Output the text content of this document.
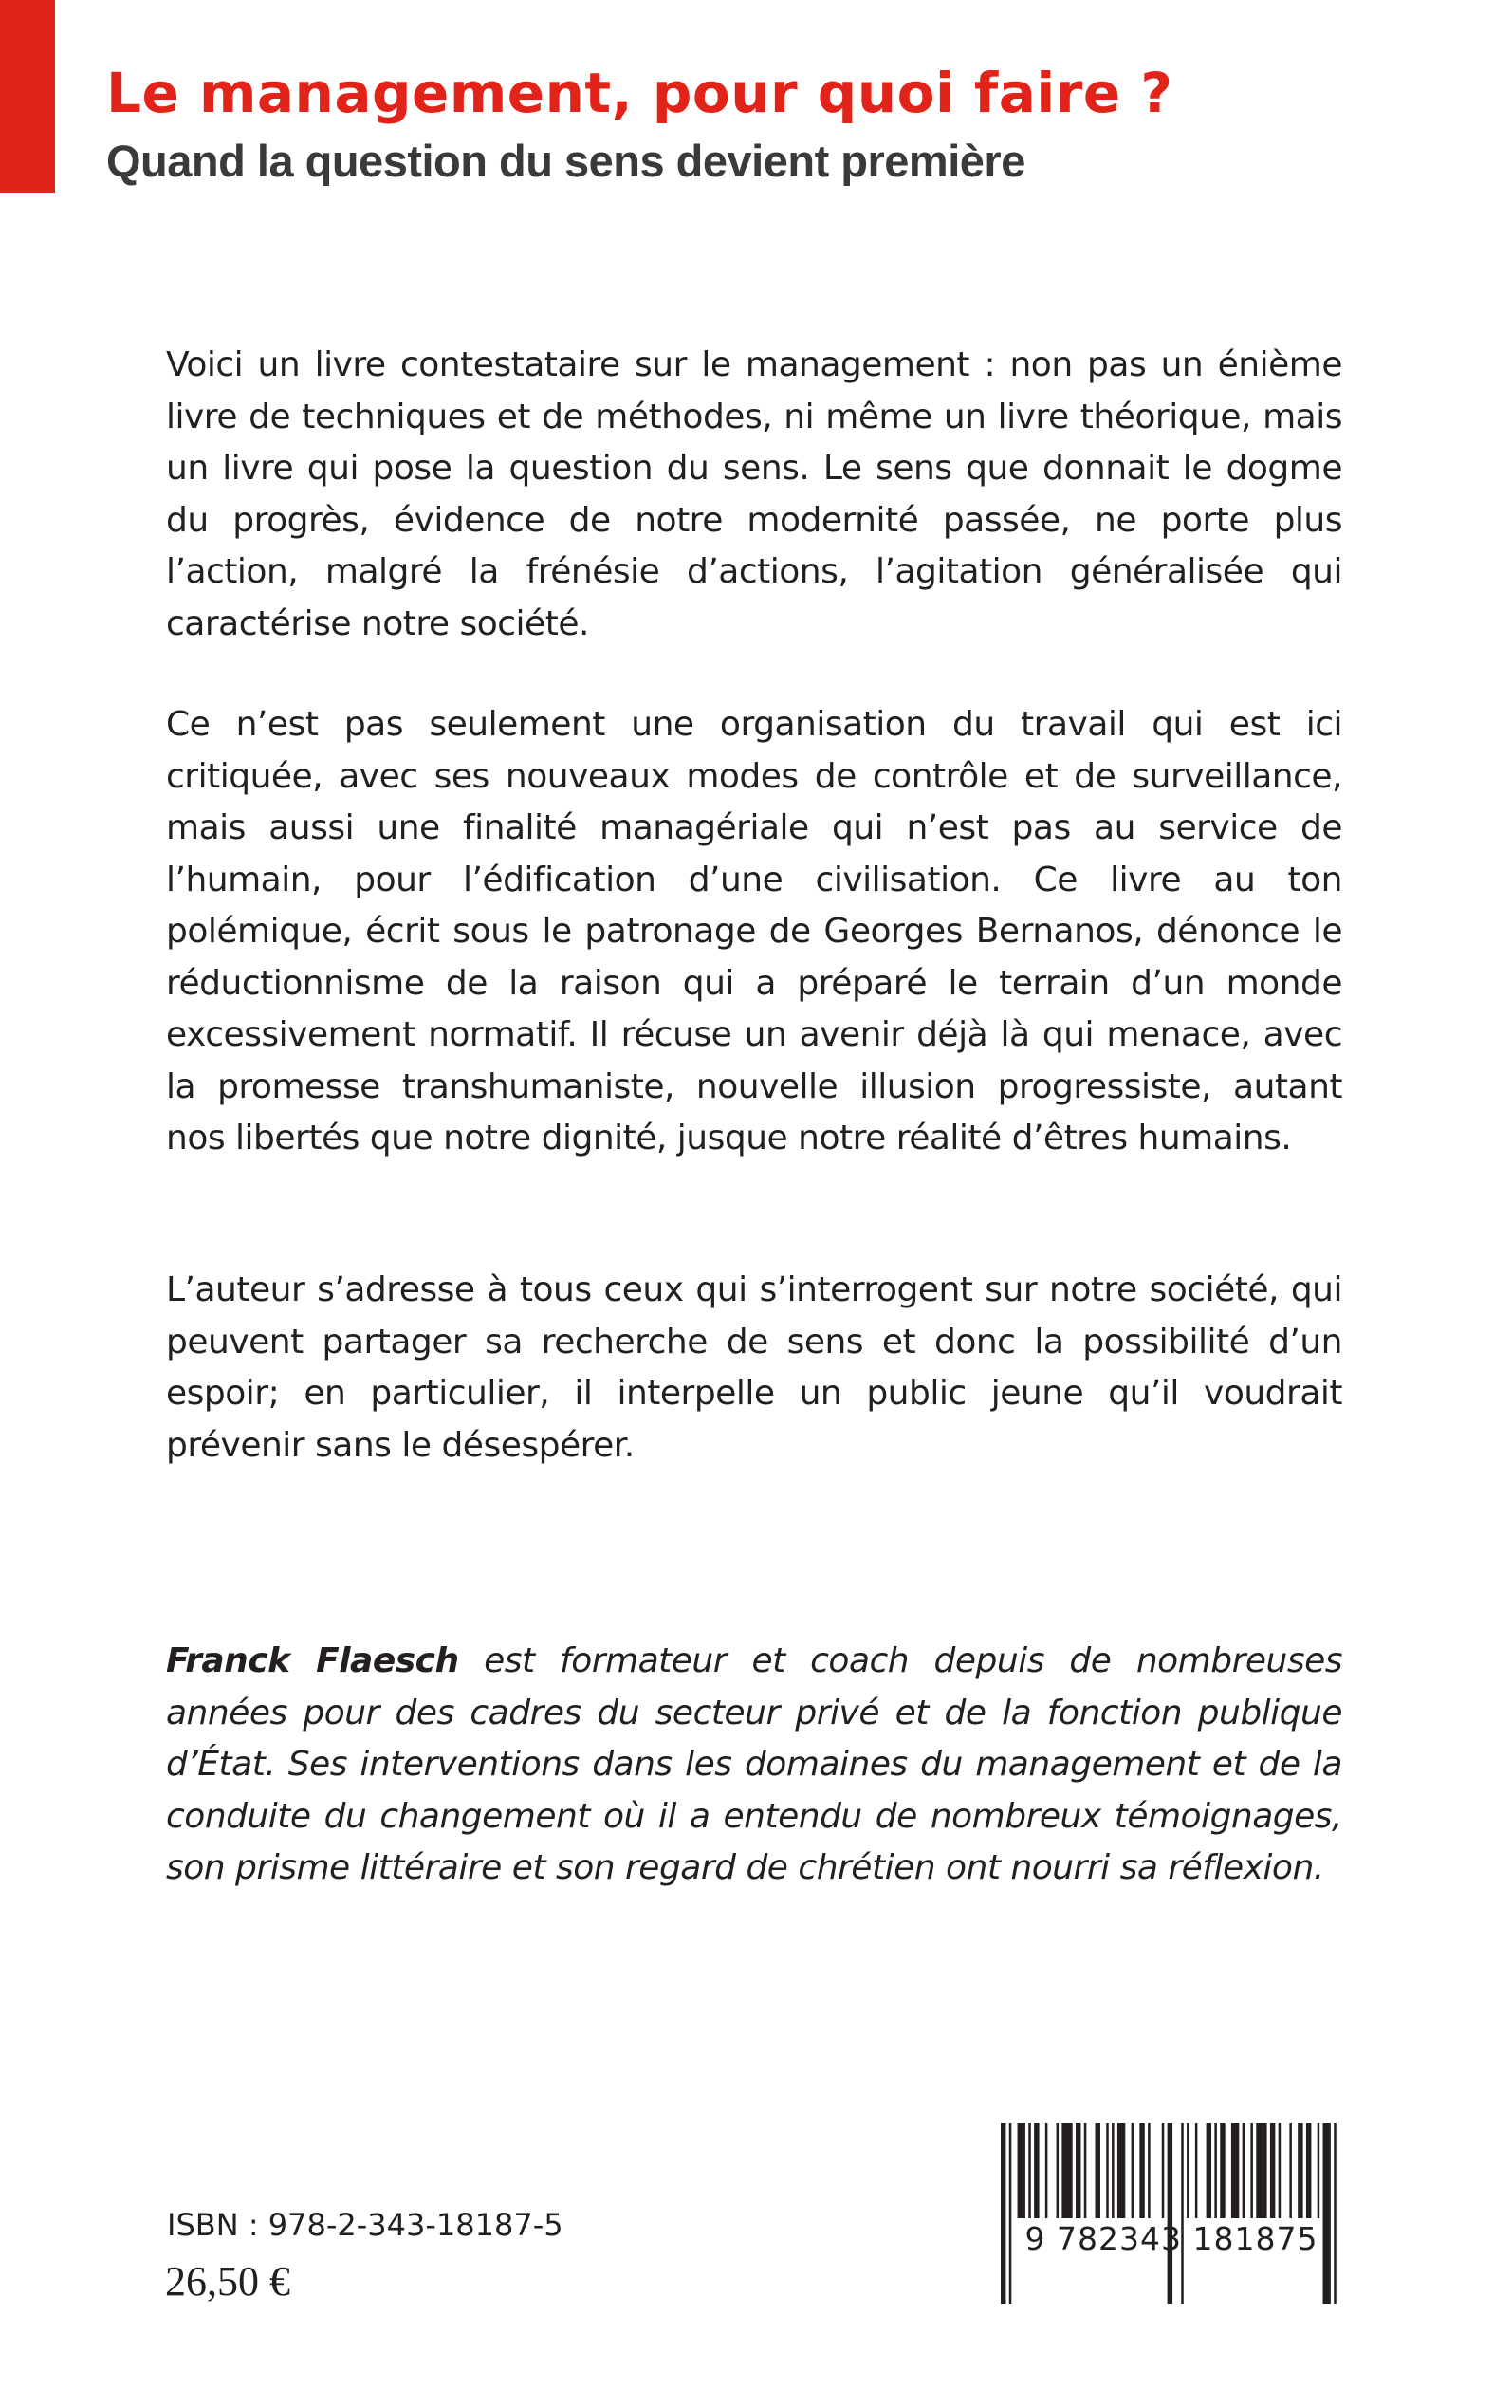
Le management, pour quoi faire ?
Quand la question du sens devient première

Voici un livre contestataire sur le management : non pas un énième livre de techniques et de méthodes, ni même un livre théorique, mais un livre qui pose la question du sens. Le sens que donnait le dogme du progrès, évidence de notre modernité passée, ne porte plus l’action, malgré la frénésie d’actions, l’agitation généralisée qui caractérise notre société.

Ce n’est pas seulement une organisation du travail qui est ici critiquée, avec ses nouveaux modes de contrôle et de surveillance, mais aussi une finalité managériale qui n’est pas au service de l’humain, pour l’édification d’une civilisation. Ce livre au ton polémique, écrit sous le patronage de Georges Bernanos, dénonce le réductionnisme de la raison qui a préparé le terrain d’un monde excessivement normatif. Il récuse un avenir déjà là qui menace, avec la promesse transhumaniste, nouvelle illusion progressiste, autant nos libertés que notre dignité, jusque notre réalité d’êtres humains.

L’auteur s’adresse à tous ceux qui s’interrogent sur notre société, qui peuvent partager sa recherche de sens et donc la possibilité d’un espoir; en particulier, il interpelle un public jeune qu’il voudrait prévenir sans le désespérer.

Franck Flaesch est formateur et coach depuis de nombreuses années pour des cadres du secteur privé et de la fonction publique d’État. Ses interventions dans les domaines du management et de la conduite du changement où il a entendu de nombreux témoignages, son prisme littéraire et son regard de chrétien ont nourri sa réflexion.

ISBN : 978-2-343-18187-5
26,50 €
9 782343 181875
